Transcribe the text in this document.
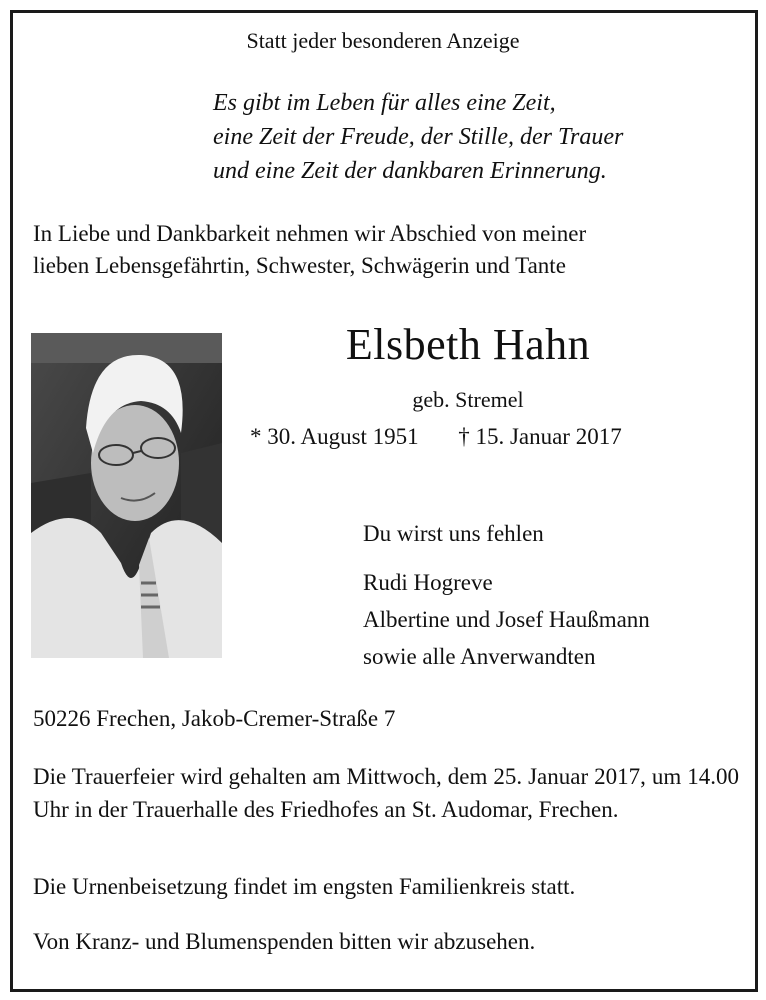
Statt jeder besonderen Anzeige
Es gibt im Leben für alles eine Zeit,
eine Zeit der Freude, der Stille, der Trauer
und eine Zeit der dankbaren Erinnerung.
In Liebe und Dankbarkeit nehmen wir Abschied von meiner
lieben Lebensgefährtin, Schwester, Schwägerin und Tante
Elsbeth Hahn
geb. Stremel
* 30. August 1951 † 15. Januar 2017
Du wirst uns fehlen
Rudi Hogreve
Albertine und Josef Haußmann
sowie alle Anverwandten
50226 Frechen, Jakob-Cremer-Straße 7
Die Trauerfeier wird gehalten am Mittwoch, dem 25. Januar 2017, um 14.00 Uhr in der Trauerhalle des Friedhofes an St. Audomar, Frechen.
Die Urnenbeisetzung findet im engsten Familienkreis statt.
Von Kranz- und Blumenspenden bitten wir abzusehen.
